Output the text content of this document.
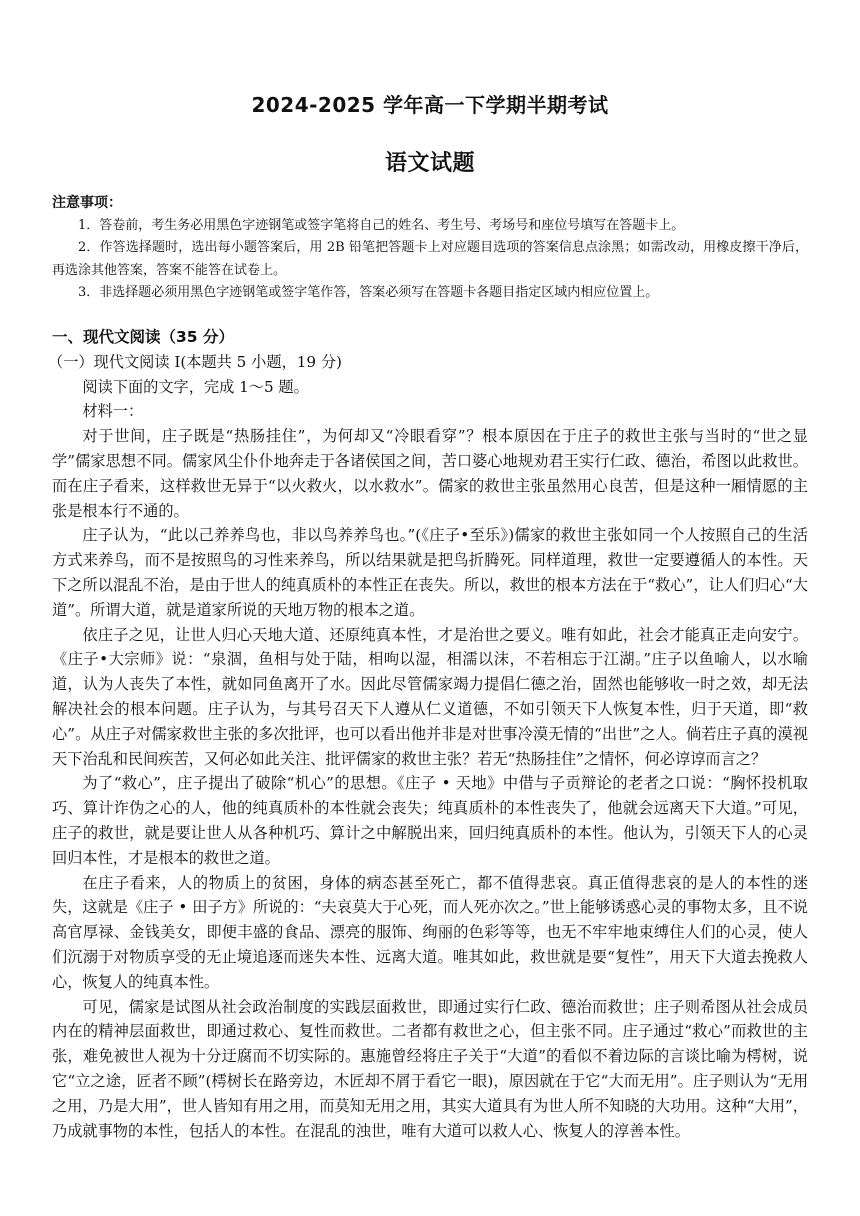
2024-2025 学年高一下学期半期考试
语文试题
注意事项：

1．答卷前，考生务必用黑色字迹钢笔或签字笔将自己的姓名、考生号、考场号和座位号填写在答题卡上。

2．作答选择题时，选出每小题答案后，用 2B 铅笔把答题卡上对应题目选项的答案信息点涂黑；如需改动，用橡皮擦干净后，再选涂其他答案，答案不能答在试卷上。

3．非选择题必须用黑色字迹钢笔或签字笔作答，答案必须写在答题卡各题目指定区域内相应位置上。

一、现代文阅读（35 分）
（一）现代文阅读 I(本题共 5 小题，19 分)
阅读下面的文字，完成 1～5 题。
材料一：

对于世间，庄子既是“热肠挂住”，为何却又“冷眼看穿”？根本原因在于庄子的救世主张与当时的“世之显学”儒家思想不同。儒家风尘仆仆地奔走于各诸侯国之间，苦口婆心地规劝君王实行仁政、德治，希图以此救世。而在庄子看来，这样救世无异于“以火救火，以水救水”。儒家的救世主张虽然用心良苦，但是这种一厢情愿的主张是根本行不通的。

庄子认为，“此以己养养鸟也，非以鸟养养鸟也。”(《庄子•至乐》)儒家的救世主张如同一个人按照自己的生活方式来养鸟，而不是按照鸟的习性来养鸟，所以结果就是把鸟折腾死。同样道理，救世一定要遵循人的本性。天下之所以混乱不治，是由于世人的纯真质朴的本性正在丧失。所以，救世的根本方法在于“救心”，让人们归心“大道”。所谓大道，就是道家所说的天地万物的根本之道。

依庄子之见，让世人归心天地大道、还原纯真本性，才是治世之要义。唯有如此，社会才能真正走向安宁。《庄子•大宗师》说：“泉涸，鱼相与处于陆，相呴以湿，相濡以沫，不若相忘于江湖。”庄子以鱼喻人，以水喻道，认为人丧失了本性，就如同鱼离开了水。因此尽管儒家竭力提倡仁德之治，固然也能够收一时之效，却无法解决社会的根本问题。庄子认为，与其号召天下人遵从仁义道德，不如引领天下人恢复本性，归于天道，即“救心”。从庄子对儒家救世主张的多次批评，也可以看出他并非是对世事冷漠无情的“出世”之人。倘若庄子真的漠视天下治乱和民间疾苦，又何必如此关注、批评儒家的救世主张？若无“热肠挂住”之情怀，何必谆谆而言之？

为了“救心”，庄子提出了破除“机心”的思想。《庄子 • 天地》中借与子贡辩论的老者之口说：“胸怀投机取巧、算计诈伪之心的人，他的纯真质朴的本性就会丧失；纯真质朴的本性丧失了，他就会远离天下大道。”可见，庄子的救世，就是要让世人从各种机巧、算计之中解脱出来，回归纯真质朴的本性。他认为，引领天下人的心灵回归本性，才是根本的救世之道。

在庄子看来，人的物质上的贫困，身体的病态甚至死亡，都不值得悲哀。真正值得悲哀的是人的本性的迷失，这就是《庄子 • 田子方》所说的：“夫哀莫大于心死，而人死亦次之。”世上能够诱惑心灵的事物太多，且不说高官厚禄、金钱美女，即便丰盛的食品、漂亮的服饰、绚丽的色彩等等，也无不牢牢地束缚住人们的心灵，使人们沉溺于对物质享受的无止境追逐而迷失本性、远离大道。唯其如此，救世就是要“复性”，用天下大道去挽救人心，恢复人的纯真本性。

可见，儒家是试图从社会政治制度的实践层面救世，即通过实行仁政、德治而救世；庄子则希图从社会成员内在的精神层面救世，即通过救心、复性而救世。二者都有救世之心，但主张不同。庄子通过“救心”而救世的主张，难免被世人视为十分迂腐而不切实际的。惠施曾经将庄子关于“大道”的看似不着边际的言谈比喻为樗树，说它“立之途，匠者不顾”(樗树长在路旁边，木匠却不屑于看它一眼)，原因就在于它“大而无用”。庄子则认为“无用之用，乃是大用”，世人皆知有用之用，而莫知无用之用，其实大道具有为世人所不知晓的大功用。这种“大用”，乃成就事物的本性，包括人的本性。在混乱的浊世，唯有大道可以救人心、恢复人的淳善本性。
